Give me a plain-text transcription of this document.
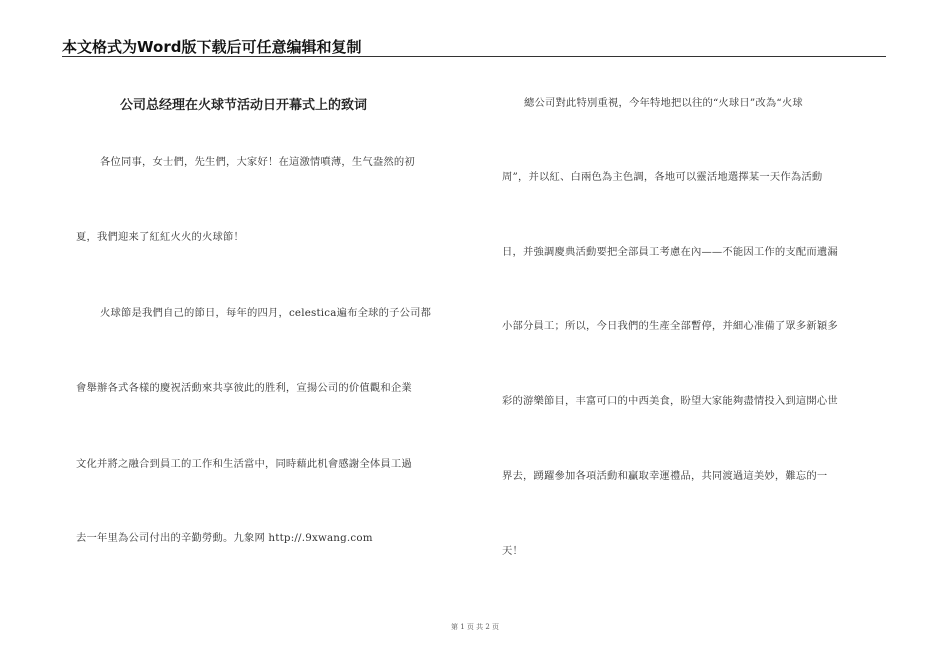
本文格式为Word版下载后可任意编辑和复制
公司总经理在火球节活动日开幕式上的致词
各位同事，女士們，先生們，大家好！在這激情噴薄，生气盎然的初
夏，我們迎来了紅紅火火的火球節！
火球節是我們自己的節日，每年的四月，celestica遍布全球的子公司都
會舉辦各式各樣的慶祝活動來共享彼此的胜利，宣揚公司的价值觀和企業
文化并將之融合到員工的工作和生活當中，同時藉此机會感謝全体員工過
去一年里為公司付出的辛勤勞動。九象网 http://.9xwang.com
總公司對此特別重視，今年特地把以往的“火球日”改為“火球
周”，并以紅、白兩色為主色調，各地可以靈活地選擇某一天作為活動
日，并強調慶典活動要把全部員工考慮在內——不能因工作的支配而遺漏
小部分員工；所以，今日我們的生產全部暫停，并細心准備了眾多新穎多
彩的游樂節目，丰富可口的中西美食，盼望大家能夠盡情投入到這開心世
界去，踴躍參加各項活動和贏取幸運禮品，共同渡過這美妙，難忘的一
天！
第 1 页 共 2 页
